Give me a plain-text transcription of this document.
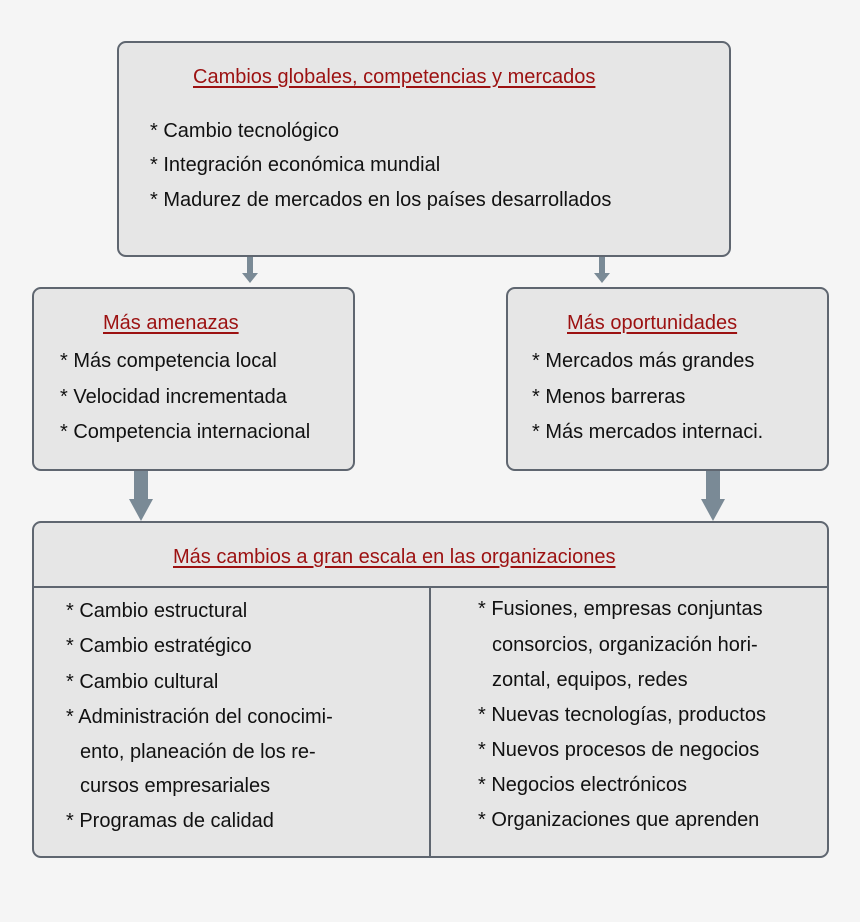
Cambios globales, competencias y mercados
* Cambio tecnológico
* Integración económica mundial
* Madurez de mercados en los países desarrollados
Más amenazas
* Más competencia local
* Velocidad incrementada
* Competencia internacional
Más oportunidades
* Mercados más grandes
* Menos barreras
* Más mercados internaci.
Más cambios a gran escala en las organizaciones
* Cambio estructural
* Cambio estratégico
* Cambio cultural
* Administración del conocimi-
ento, planeación de los re-
cursos empresariales
* Programas de calidad
* Fusiones, empresas conjuntas
consorcios, organización hori-
zontal, equipos, redes
* Nuevas tecnologías, productos
* Nuevos procesos de negocios
* Negocios electrónicos
* Organizaciones que aprenden
